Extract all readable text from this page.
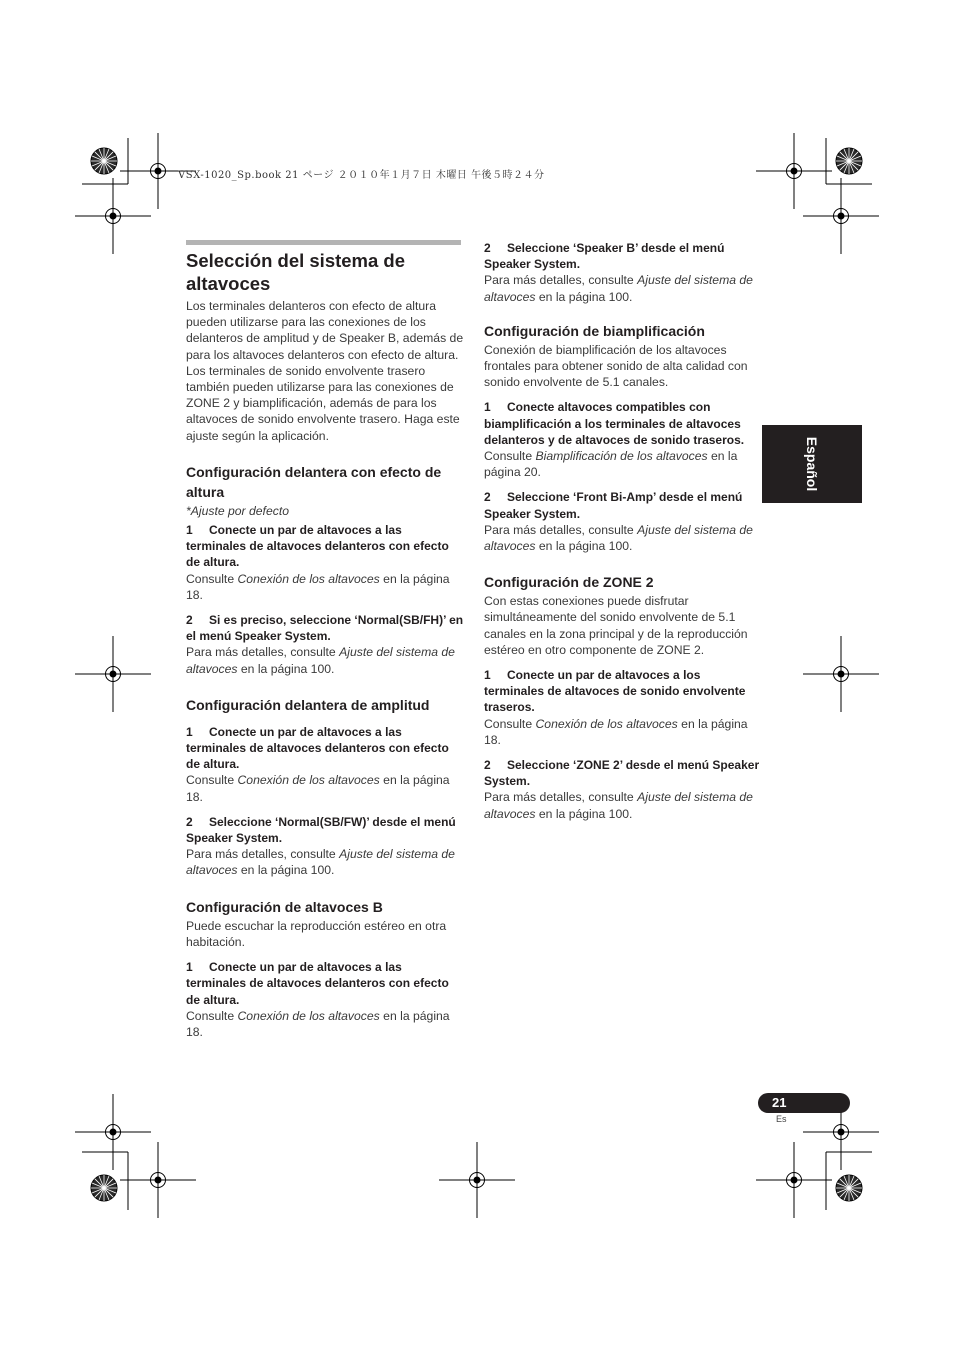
VSX-1020_Sp.book 21 ページ ２０１０年１月７日 木曜日 午後５時２４分
Selección del sistema de altavoces

Los terminales delanteros con efecto de altura pueden utilizarse para las conexiones de los delanteros de amplitud y de Speaker B, además de para los altavoces delanteros con efecto de altura. Los terminales de sonido envolvente trasero también pueden utilizarse para las conexiones de ZONE 2 y biamplificación, además de para los altavoces de sonido envolvente trasero. Haga este ajuste según la aplicación.

Configuración delantera con efecto de altura

*Ajuste por defecto

1 Conecte un par de altavoces a las terminales de altavoces delanteros con efecto de altura.

Consulte Conexión de los altavoces en la página 18.

2 Si es preciso, seleccione ‘Normal(SB/FH)’ en el menú Speaker System.

Para más detalles, consulte Ajuste del sistema de altavoces en la página 100.

Configuración delantera de amplitud

1 Conecte un par de altavoces a las terminales de altavoces delanteros con efecto de altura.

Consulte Conexión de los altavoces en la página 18.

2 Seleccione ‘Normal(SB/FW)’ desde el menú Speaker System.

Para más detalles, consulte Ajuste del sistema de altavoces en la página 100.

Configuración de altavoces B

Puede escuchar la reproducción estéreo en otra habitación.

1 Conecte un par de altavoces a las terminales de altavoces delanteros con efecto de altura.

Consulte Conexión de los altavoces en la página 18.

2 Seleccione ‘Speaker B’ desde el menú Speaker System.

Para más detalles, consulte Ajuste del sistema de altavoces en la página 100.

Configuración de biamplificación

Conexión de biamplificación de los altavoces frontales para obtener sonido de alta calidad con sonido envolvente de 5.1 canales.

1 Conecte altavoces compatibles con biamplificación a los terminales de altavoces delanteros y de altavoces de sonido traseros.

Consulte Biamplificación de los altavoces en la página 20.

2 Seleccione ‘Front Bi-Amp’ desde el menú Speaker System.

Para más detalles, consulte Ajuste del sistema de altavoces en la página 100.

Configuración de ZONE 2

Con estas conexiones puede disfrutar simultáneamente del sonido envolvente de 5.1 canales en la zona principal y de la reproducción estéreo en otro componente de ZONE 2.

1 Conecte un par de altavoces a los terminales de altavoces de sonido envolvente traseros.

Consulte Conexión de los altavoces en la página 18.

2 Seleccione ‘ZONE 2’ desde el menú Speaker System.

Para más detalles, consulte Ajuste del sistema de altavoces en la página 100.

Español
21
Es
